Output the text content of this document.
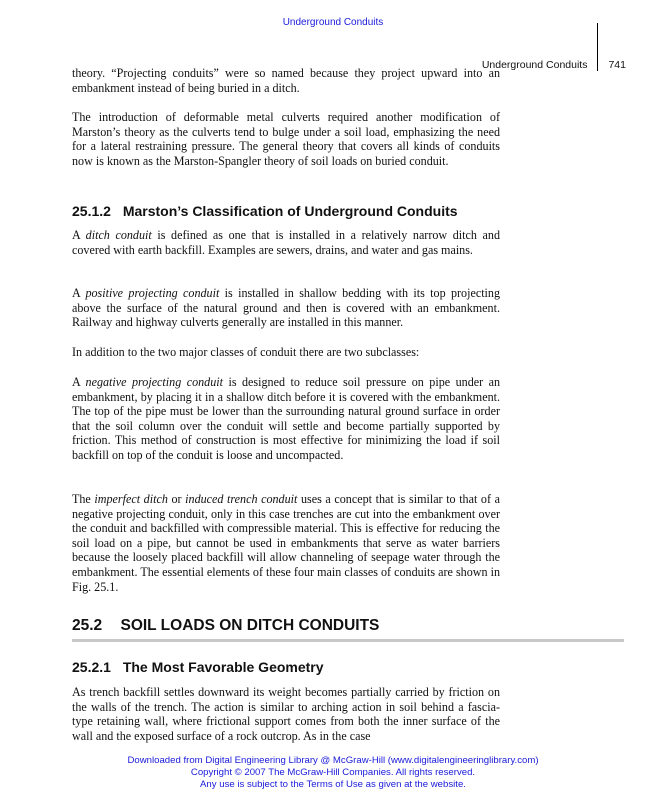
Underground Conduits
Underground Conduits 741

theory. “Projecting conduits” were so named because they project upward into an embankment instead of being buried in a ditch.

The introduction of deformable metal culverts required another modification of Marston’s theory as the culverts tend to bulge under a soil load, emphasizing the need for a lateral restraining pressure. The general theory that covers all kinds of conduits now is known as the Marston-Spangler theory of soil loads on buried conduit.

25.1.2 Marston’s Classification of Underground Conduits

A ditch conduit is defined as one that is installed in a relatively narrow ditch and covered with earth backfill. Examples are sewers, drains, and water and gas mains.

A positive projecting conduit is installed in shallow bedding with its top projecting above the surface of the natural ground and then is covered with an embankment. Railway and highway culverts generally are installed in this manner.

In addition to the two major classes of conduit there are two subclasses:

A negative projecting conduit is designed to reduce soil pressure on pipe under an embankment, by placing it in a shallow ditch before it is covered with the embankment. The top of the pipe must be lower than the surrounding natural ground surface in order that the soil column over the conduit will settle and become partially supported by friction. This method of construction is most effective for minimizing the load if soil backfill on top of the conduit is loose and uncompacted.

The imperfect ditch or induced trench conduit uses a concept that is similar to that of a negative projecting conduit, only in this case trenches are cut into the embankment over the conduit and backfilled with compressible material. This is effective for reducing the soil load on a pipe, but cannot be used in embankments that serve as water barriers because the loosely placed backfill will allow channeling of seepage water through the embankment. The essential elements of these four main classes of conduits are shown in Fig. 25.1.

25.2 SOIL LOADS ON DITCH CONDUITS
25.2.1 The Most Favorable Geometry

As trench backfill settles downward its weight becomes partially carried by friction on the walls of the trench. The action is similar to arching action in soil behind a fascia-type retaining wall, where frictional support comes from both the inner surface of the wall and the exposed surface of a rock outcrop. As in the case

Downloaded from Digital Engineering Library @ McGraw-Hill (www.digitalengineeringlibrary.com)
Copyright © 2007 The McGraw-Hill Companies. All rights reserved.
Any use is subject to the Terms of Use as given at the website.
